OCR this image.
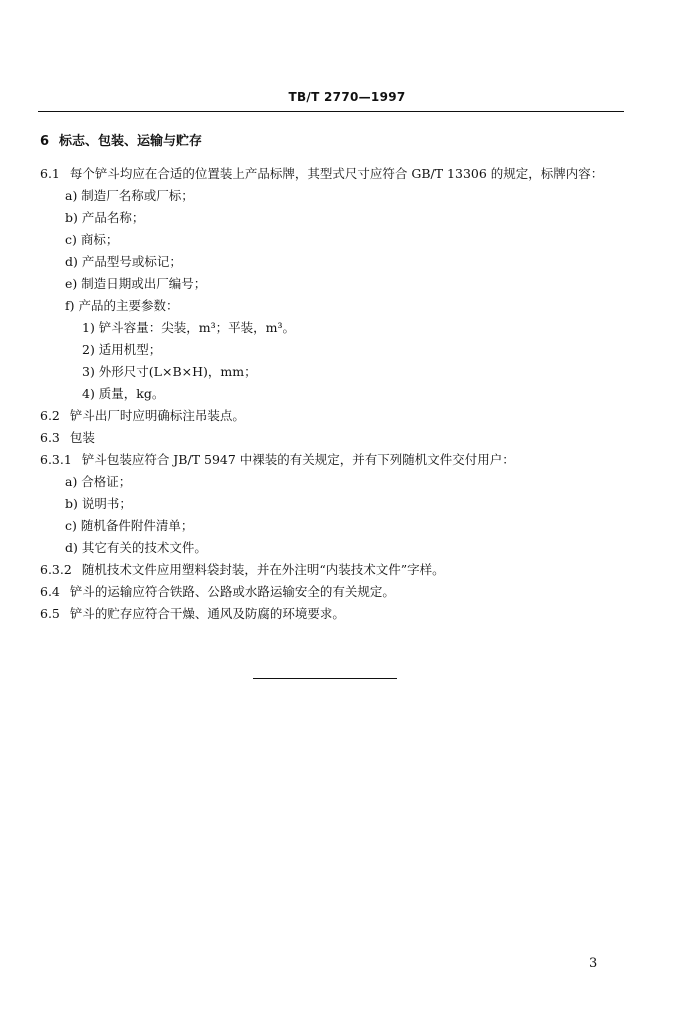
TB/T 2770—1997
6 标志、包装、运输与贮存
6.1 每个铲斗均应在合适的位置装上产品标牌，其型式尺寸应符合 GB/T 13306 的规定，标牌内容：
a) 制造厂名称或厂标；
b) 产品名称；
c) 商标；
d) 产品型号或标记；
e) 制造日期或出厂编号；
f) 产品的主要参数：
1) 铲斗容量：尖装，m³；平装，m³。
2) 适用机型；
3) 外形尺寸(L×B×H)，mm；
4) 质量，kg。
6.2 铲斗出厂时应明确标注吊装点。
6.3 包装
6.3.1 铲斗包装应符合 JB/T 5947 中裸装的有关规定，并有下列随机文件交付用户：
a) 合格证；
b) 说明书；
c) 随机备件附件清单；
d) 其它有关的技术文件。
6.3.2 随机技术文件应用塑料袋封装，并在外注明“内装技术文件”字样。
6.4 铲斗的运输应符合铁路、公路或水路运输安全的有关规定。
6.5 铲斗的贮存应符合干燥、通风及防腐的环境要求。
3
